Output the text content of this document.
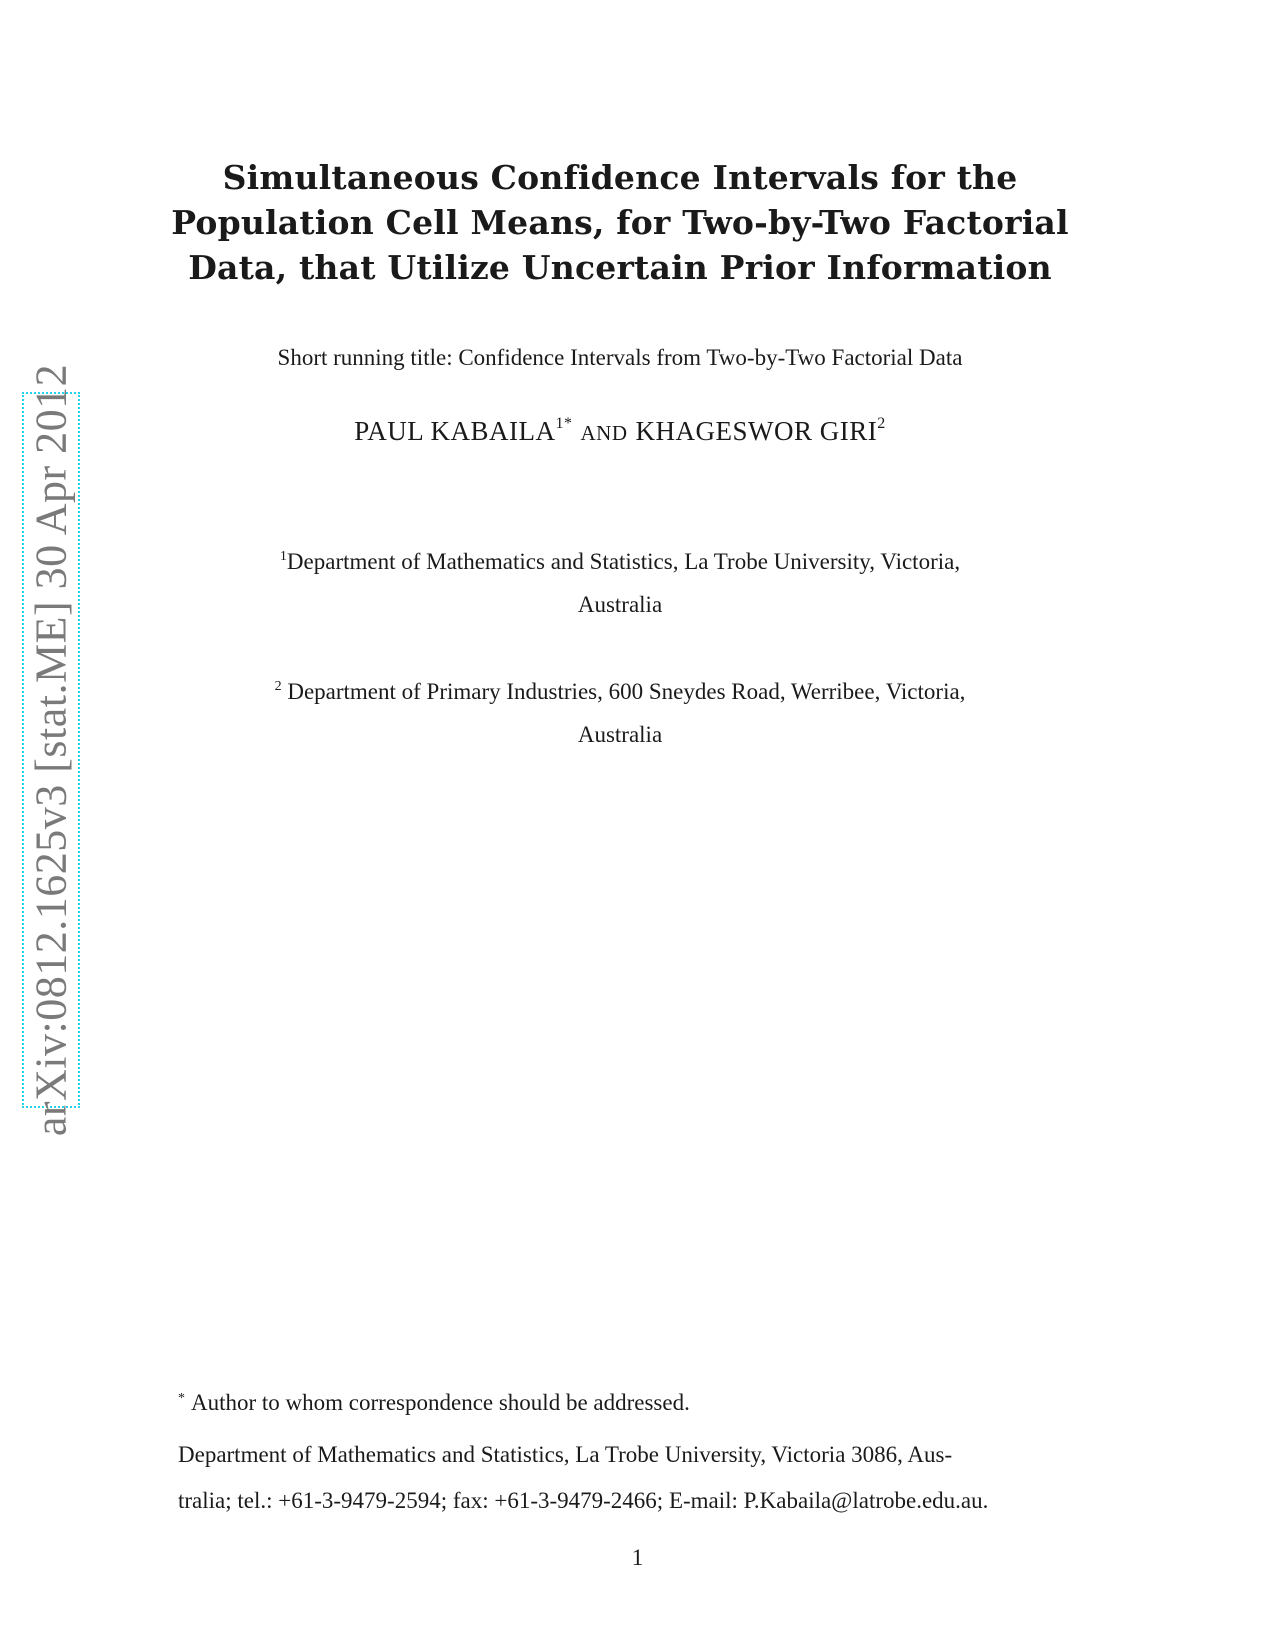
arXiv:0812.1625v3 [stat.ME] 30 Apr 2012
Simultaneous Confidence Intervals for the
Population Cell Means, for Two-by-Two Factorial
Data, that Utilize Uncertain Prior Information
Short running title: Confidence Intervals from Two-by-Two Factorial Data
PAUL $KABAILA^{1*}$ AND KHAGESWOR GIRI$^2$
$^1$Department of Mathematics and Statistics, La Trobe University, Victoria,
Australia
$^2$ Department of Primary Industries, 600 Sneydes Road, Werribee, Victoria,
Australia
* Author to whom correspondence should be addressed.
Department of Mathematics and Statistics, La Trobe University, Victoria 3086, Aus-
tralia; tel.: +61-3-9479-2594; fax: +61-3-9479-2466; E-mail: P.Kabaila@latrobe.edu.au.
1
